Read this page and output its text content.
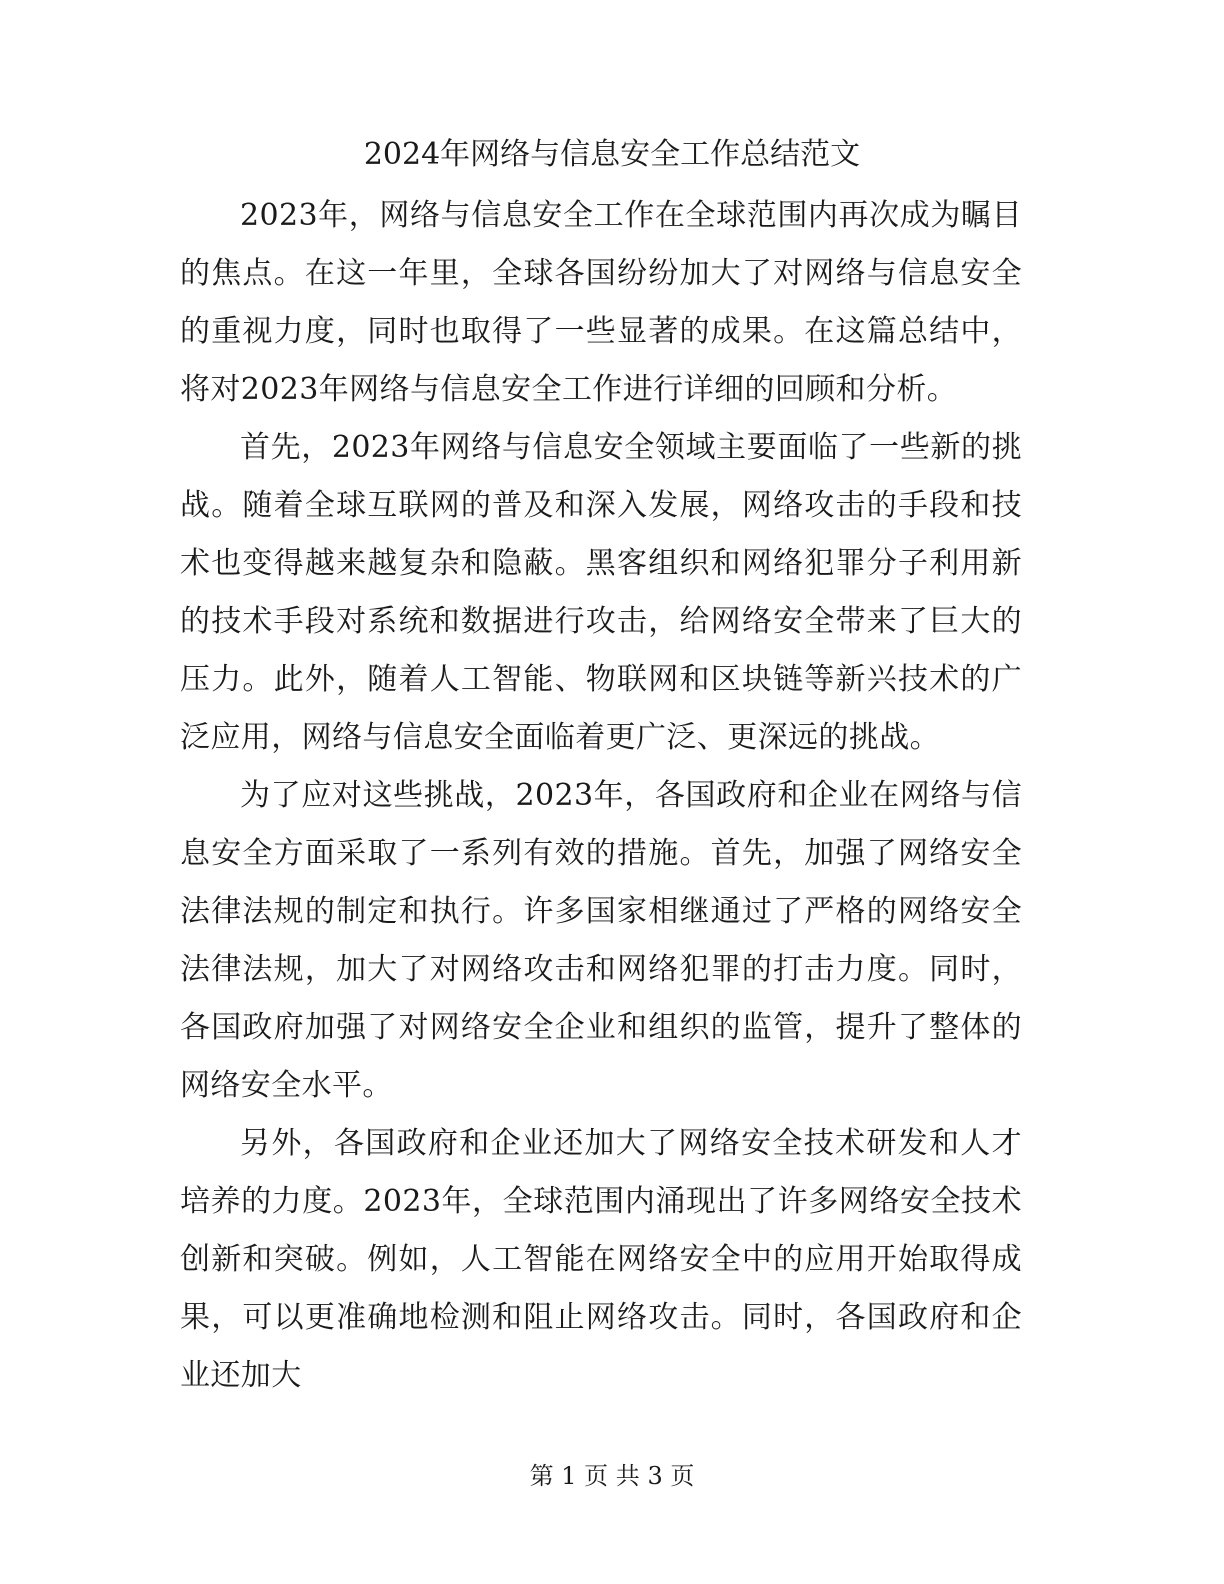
2024年网络与信息安全工作总结范文

2023年，网络与信息安全工作在全球范围内再次成为瞩目的焦点。在这一年里，全球各国纷纷加大了对网络与信息安全的重视力度，同时也取得了一些显著的成果。在这篇总结中，将对2023年网络与信息安全工作进行详细的回顾和分析。

首先，2023年网络与信息安全领域主要面临了一些新的挑战。随着全球互联网的普及和深入发展，网络攻击的手段和技术也变得越来越复杂和隐蔽。黑客组织和网络犯罪分子利用新的技术手段对系统和数据进行攻击，给网络安全带来了巨大的压力。此外，随着人工智能、物联网和区块链等新兴技术的广泛应用，网络与信息安全面临着更广泛、更深远的挑战。

为了应对这些挑战，2023年，各国政府和企业在网络与信息安全方面采取了一系列有效的措施。首先，加强了网络安全法律法规的制定和执行。许多国家相继通过了严格的网络安全法律法规，加大了对网络攻击和网络犯罪的打击力度。同时，各国政府加强了对网络安全企业和组织的监管，提升了整体的网络安全水平。

另外，各国政府和企业还加大了网络安全技术研发和人才培养的力度。2023年，全球范围内涌现出了许多网络安全技术创新和突破。例如，人工智能在网络安全中的应用开始取得成果，可以更准确地检测和阻止网络攻击。同时，各国政府和企业还加大

第 1 页 共 3 页
